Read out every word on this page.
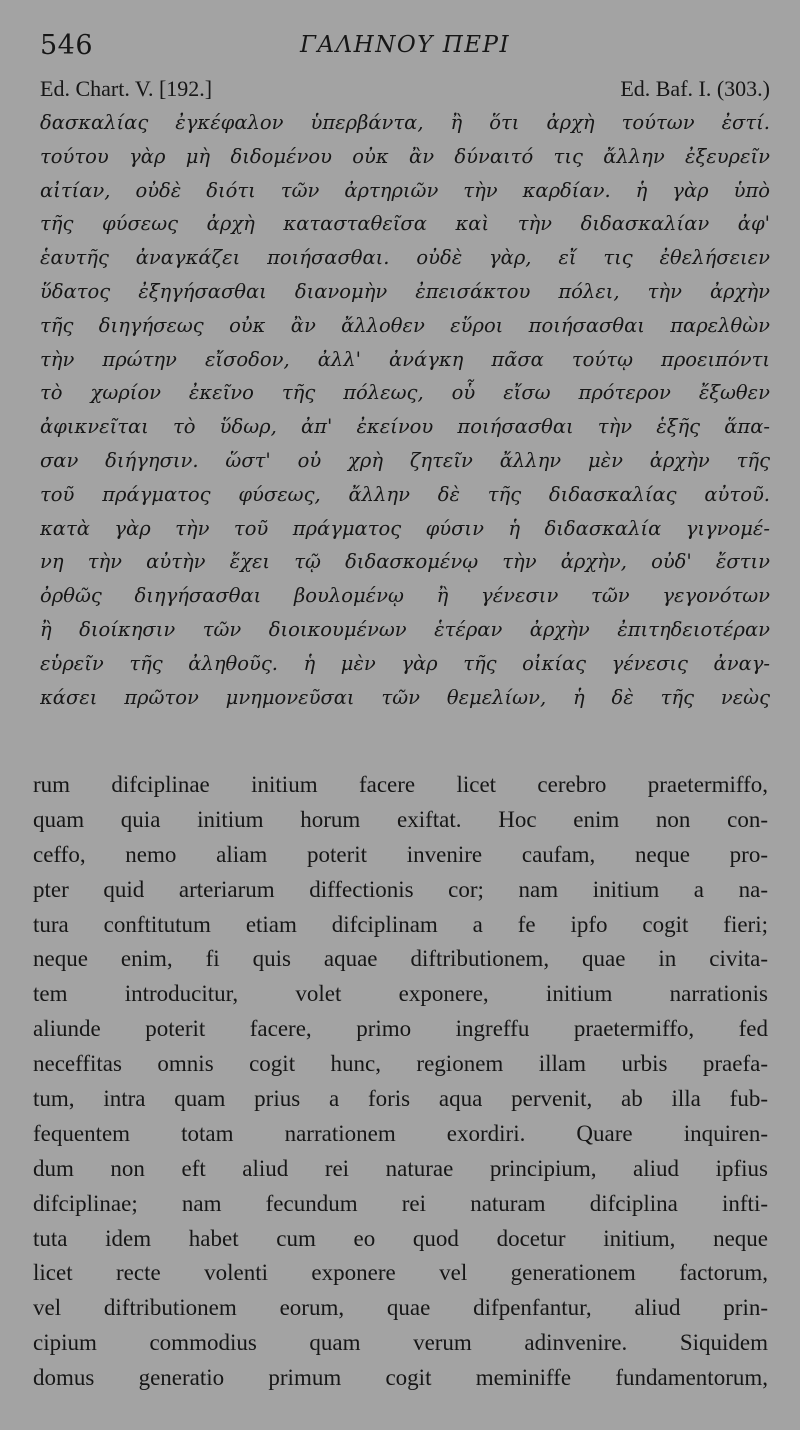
546	ΓΑΛΗΝΟΥ ΠΕΡΙ
Ed. Chart. V. [192.]	Ed. Baf. I. (303.)
δασκαλίας ἐγκέφαλον ὑπερβάντα, ἢ ὅτι ἀρχὴ τούτων ἐστί.
τούτου γὰρ μὴ διδομένου οὐκ ἂν δύναιτό τις ἄλλην ἐξευρεῖν
αἰτίαν, οὐδὲ διότι τῶν ἀρτηριῶν τὴν καρδίαν. ἡ γὰρ ὑπὸ
τῆς φύσεως ἀρχὴ κατασταθεῖσα καὶ τὴν διδασκαλίαν ἀφ'
ἑαυτῆς ἀναγκάζει ποιήσασθαι. οὐδὲ γὰρ, εἴ τις ἐθελήσειεν
ὕδατος ἐξηγήσασθαι διανομὴν ἐπεισάκτου πόλει, τὴν ἀρχὴν
τῆς διηγήσεως οὐκ ἂν ἄλλοθεν εὕροι ποιήσασθαι παρελθὼν
τὴν πρώτην εἴσοδον, ἀλλ' ἀνάγκη πᾶσα τούτῳ προειπόντι
τὸ χωρίον ἐκεῖνο τῆς πόλεως, οὗ εἴσω πρότερον ἔξωθεν
ἀφικνεῖται τὸ ὕδωρ, ἀπ' ἐκείνου ποιήσασθαι τὴν ἑξῆς ἅπα-
σαν διήγησιν. ὥστ' οὐ χρὴ ζητεῖν ἄλλην μὲν ἀρχὴν τῆς
τοῦ πράγματος φύσεως, ἄλλην δὲ τῆς διδασκαλίας αὐτοῦ.
κατὰ γὰρ τὴν τοῦ πράγματος φύσιν ἡ διδασκαλία γιγνομέ-
νη τὴν αὐτὴν ἔχει τῷ διδασκομένῳ τὴν ἀρχὴν, οὐδ' ἔστιν
ὀρθῶς διηγήσασθαι βουλομένῳ ἢ γένεσιν τῶν γεγονότων
ἢ διοίκησιν τῶν διοικουμένων ἑτέραν ἀρχὴν ἐπιτηδειοτέραν
εὑρεῖν τῆς ἀληθοῦς. ἡ μὲν γὰρ τῆς οἰκίας γένεσις ἀναγ-
κάσει πρῶτον μνημονεῦσαι τῶν θεμελίων, ἡ δὲ τῆς νεὼς
rum difciplinae initium facere licet cerebro praetermiffo,
quam quia initium horum exiftat. Hoc enim non con-
ceffo, nemo aliam poterit invenire caufam, neque pro-
pter quid arteriarum diffectionis cor; nam initium a na-
tura conftitutum etiam difciplinam a fe ipfo cogit fieri;
neque enim, fi quis aquae diftributionem, quae in civita-
tem introducitur, volet exponere, initium narrationis
aliunde poterit facere, primo ingreffu praetermiffo, fed
neceffitas omnis cogit hunc, regionem illam urbis praefa-
tum, intra quam prius a foris aqua pervenit, ab illa fub-
fequentem totam narrationem exordiri. Quare inquiren-
dum non eft aliud rei naturae principium, aliud ipfius
difciplinae; nam fecundum rei naturam difciplina infti-
tuta idem habet cum eo quod docetur initium, neque
licet recte volenti exponere vel generationem factorum,
vel diftributionem eorum, quae difpenfantur, aliud prin-
cipium commodius quam verum adinvenire. Siquidem
domus generatio primum cogit meminiffe fundamentorum,
